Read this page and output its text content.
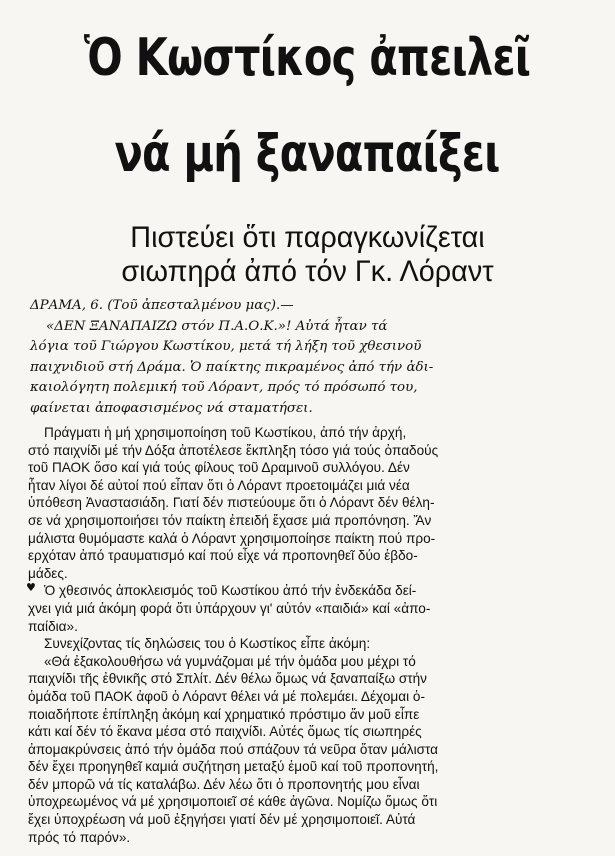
Ὁ Κωστίκος ἀπειλεῖ
νά μή ξαναπαίξει
Πιστεύει ὅτι παραγκωνίζεται
σιωπηρά ἀπό τόν Γκ. Λόραντ
ΔΡΑΜΑ, 6. (Τοῦ ἀπεσταλμένου μας).—
«ΔΕΝ ΞΑΝΑΠΑΙΖΩ στόν Π.Α.Ο.Κ.»! Αὐτά ἦταν τά
λόγια τοῦ Γιώργου Κωστίκου, μετά τή λήξη τοῦ χθεσινοῦ
παιχνιδιοῦ στή Δράμα. Ὁ παίκτης πικραμένος ἀπό τήν ἀδι-
καιολόγητη πολεμική τοῦ Λόραντ, πρός τό πρόσωπό του,
φαίνεται ἀποφασισμένος νά σταματήσει.
♥
Πράγματι ἡ μή χρησιμοποίηση τοῦ Κωστίκου, ἀπό τήν ἀρχή,
στό παιχνίδι μέ τήν Δόξα ἀποτέλεσε ἔκπληξη τόσο γιά τούς ὀπαδούς
τοῦ ΠΑΟΚ ὅσο καί γιά τούς φίλους τοῦ Δραμινοῦ συλλόγου. Δέν
ἦταν λίγοι δέ αὐτοί πού εἶπαν ὅτι ὁ Λόραντ προετοιμάζει μιά νέα
ὑπόθεση Ἀναστασιάδη. Γιατί δέν πιστεύουμε ὅτι ὁ Λόραντ δέν θέλη-
σε νά χρησιμοποιήσει τόν παίκτη ἐπειδή ἔχασε μιά προπόνηση. Ἄν
μάλιστα θυμόμαστε καλά ὁ Λόραντ χρησιμοποίησε παίκτη πού προ-
ερχόταν ἀπό τραυματισμό καί πού εἶχε νά προπονηθεῖ δύο ἑβδο-
μάδες.
Ὁ χθεσινός ἀποκλεισμός τοῦ Κωστίκου ἀπό τήν ἐνδεκάδα δεί-
χνει γιά μιά ἀκόμη φορά ὅτι ὑπάρχουν γι' αὐτόν «παιδιά» καί «ἀπο-
παίδια».
Συνεχίζοντας τίς δηλώσεις του ὁ Κωστίκος εἶπε ἀκόμη:
«Θά ἐξακολουθήσω νά γυμνάζομαι μέ τήν ὁμάδα μου μέχρι τό
παιχνίδι τῆς ἐθνικῆς στό Σπλίτ. Δέν θέλω ὅμως νά ξαναπαίξω στήν
ὁμάδα τοῦ ΠΑΟΚ ἀφοῦ ὁ Λόραντ θέλει νά μέ πολεμάει. Δέχομαι ὁ-
ποιαδήποτε ἐπίπληξη ἀκόμη καί χρηματικό πρόστιμο ἄν μοῦ εἶπε
κάτι καί δέν τό ἔκανα μέσα στό παιχνίδι. Αὐτές ὅμως τίς σιωπηρές
ἀπομακρύνσεις ἀπό τήν ὁμάδα πού σπάζουν τά νεῦρα ὅταν μάλιστα
δέν ἔχει προηγηθεῖ καμιά συζήτηση μεταξύ ἐμοῦ καί τοῦ προπονητή,
δέν μπορῶ νά τίς καταλάβω. Δέν λέω ὅτι ὁ προπονητής μου εἶναι
ὑποχρεωμένος νά μέ χρησιμοποιεῖ σέ κάθε ἀγῶνα. Νομίζω ὅμως ὅτι
ἔχει ὑποχρέωση νά μοῦ ἐξηγήσει γιατί δέν μέ χρησιμοποιεῖ. Αὐτά
πρός τό παρόν».
